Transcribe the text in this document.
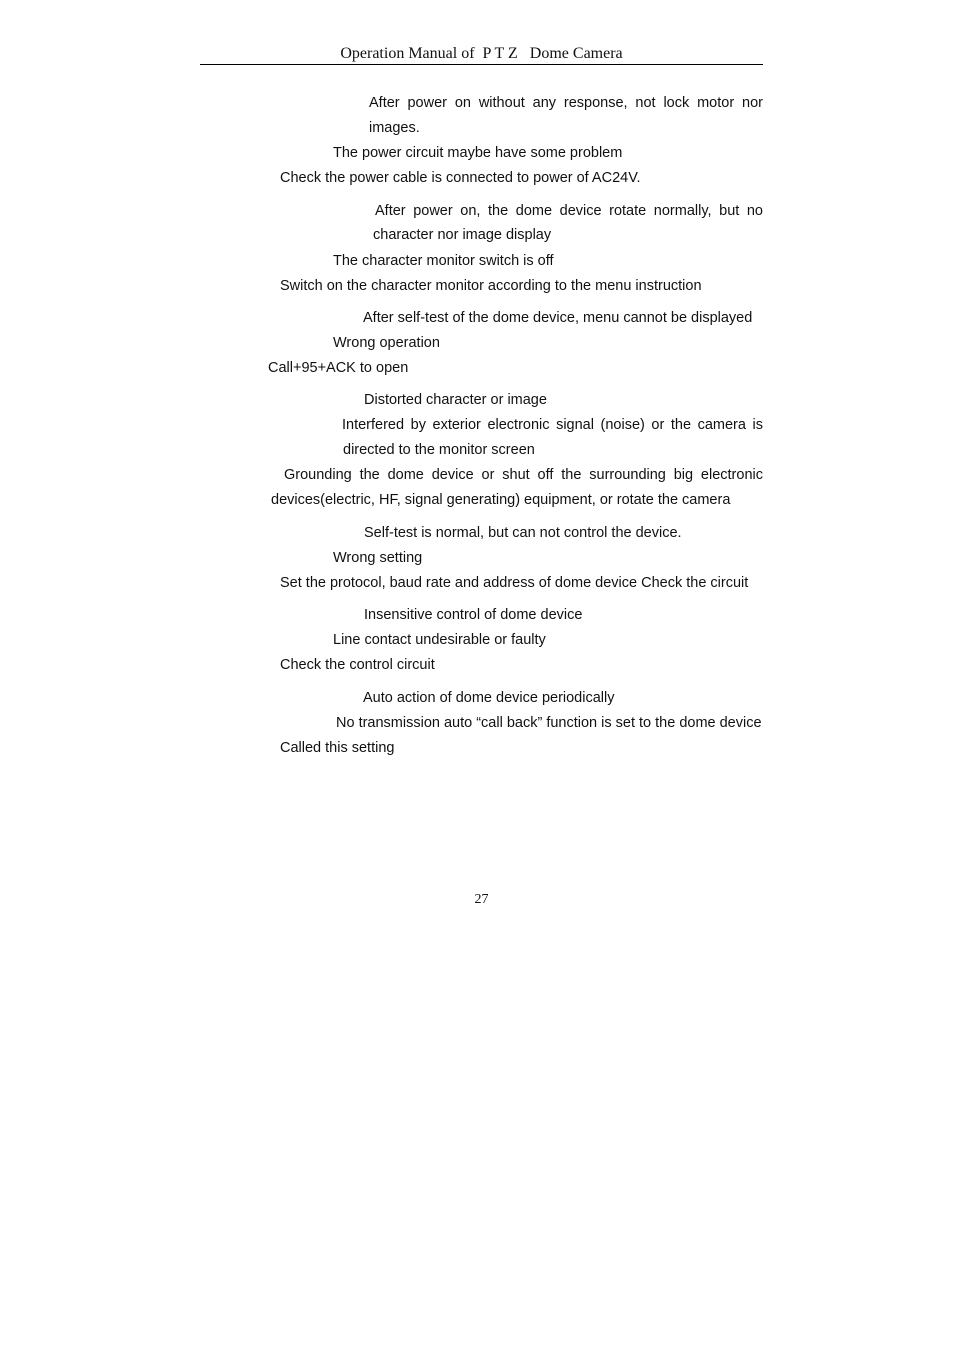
Operation Manual of  P T Z   Dome Camera
After power on without any response, not lock motor nor
images.
The power circuit maybe have some problem
Check the power cable is connected to power of AC24V.
After power on, the dome device rotate normally, but no
character nor image display
The character monitor switch is off
Switch on the character monitor according to the menu instruction
After self-test of the dome device, menu cannot be displayed
Wrong operation
Call+95+ACK to open
Distorted character or image
Interfered by exterior electronic signal (noise) or the camera is
directed to the monitor screen
Grounding the dome device or shut off the surrounding big electronic
devices(electric, HF, signal generating) equipment, or rotate the camera
Self-test is normal, but can not control the device.
Wrong setting
Set the protocol, baud rate and address of dome device Check the circuit
Insensitive control of dome device
Line contact undesirable or faulty
Check the control circuit
Auto action of dome device periodically
No transmission auto “call back” function is set to the dome device
Called this setting
27
